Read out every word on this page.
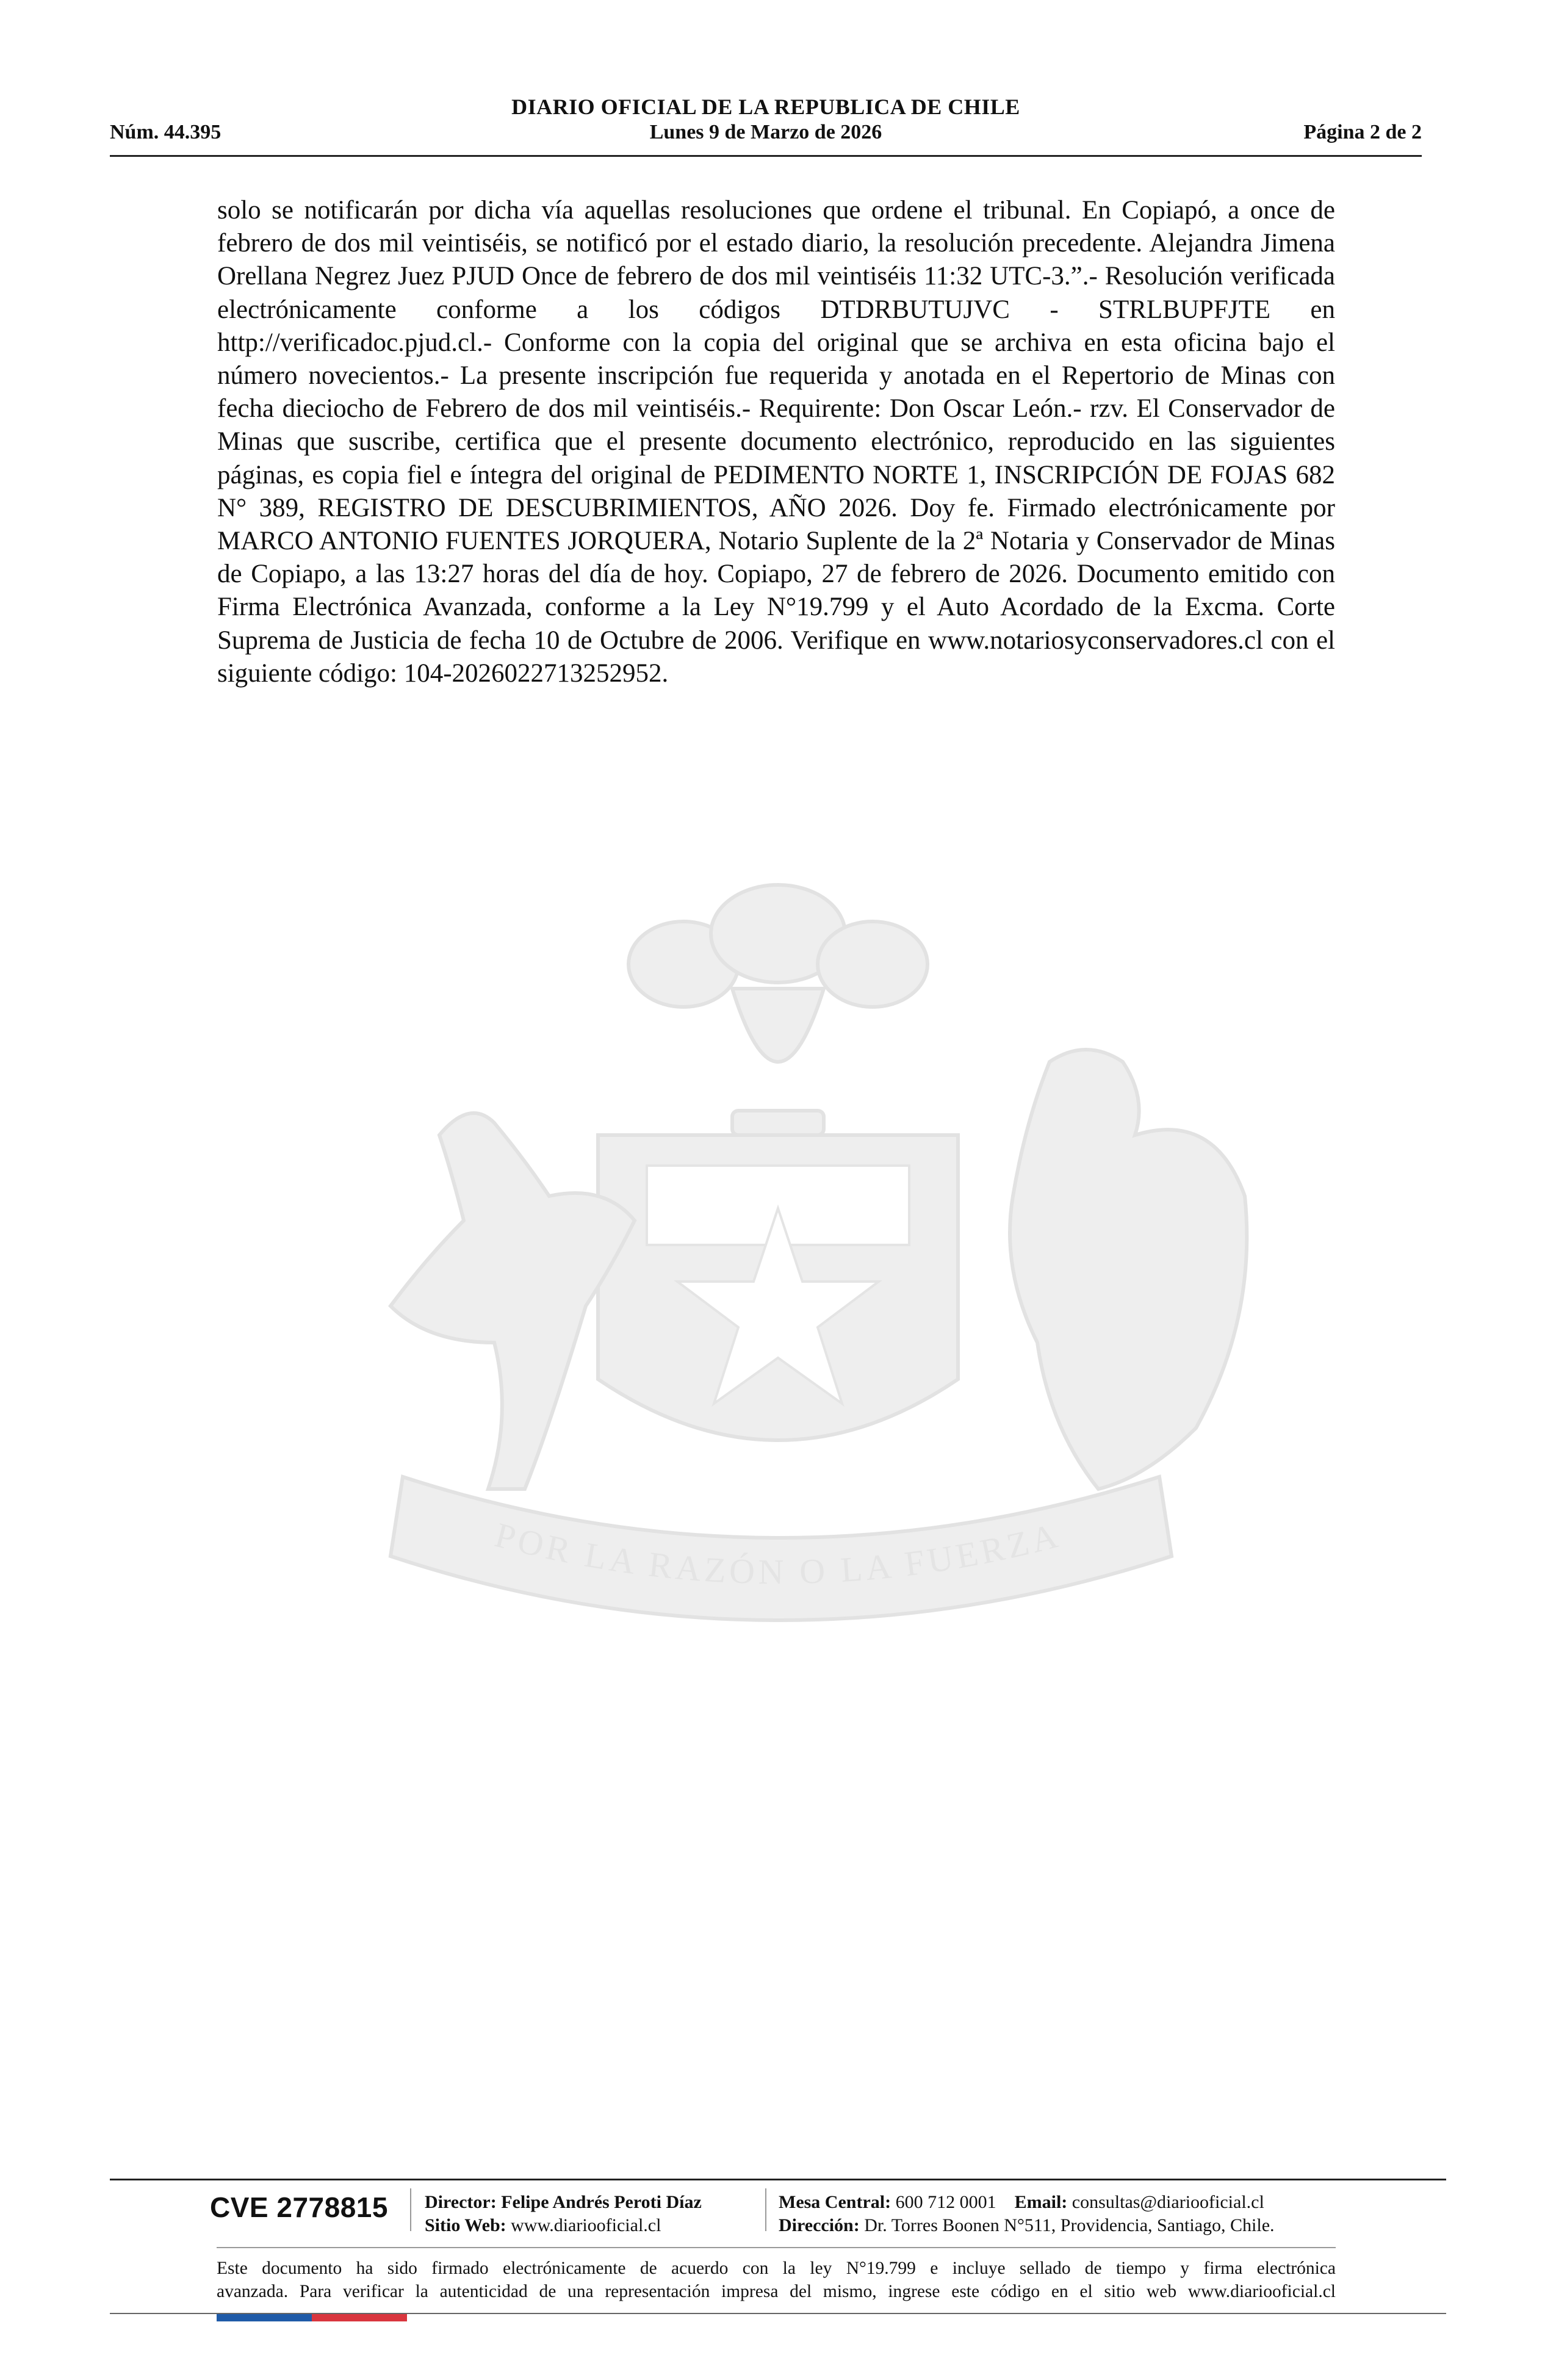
DIARIO OFICIAL DE LA REPUBLICA DE CHILE
Núm. 44.395	Lunes 9 de Marzo de 2026	Página 2 de 2

solo se notificarán por dicha vía aquellas resoluciones que ordene el tribunal. En Copiapó, a once de febrero de dos mil veintiséis, se notificó por el estado diario, la resolución precedente. Alejandra Jimena Orellana Negrez Juez PJUD Once de febrero de dos mil veintiséis 11:32 UTC-3.”.- Resolución verificada electrónicamente conforme a los códigos DTDRBUTUJVC - STRLBUPFJTE en http://verificadoc.pjud.cl.- Conforme con la copia del original que se archiva en esta oficina bajo el número novecientos.- La presente inscripción fue requerida y anotada en el Repertorio de Minas con fecha dieciocho de Febrero de dos mil veintiséis.- Requirente: Don Oscar León.- rzv. El Conservador de Minas que suscribe, certifica que el presente documento electrónico, reproducido en las siguientes páginas, es copia fiel e íntegra del original de PEDIMENTO NORTE 1, INSCRIPCIÓN DE FOJAS 682 N° 389, REGISTRO DE DESCUBRIMIENTOS, AÑO 2026. Doy fe. Firmado electrónicamente por MARCO ANTONIO FUENTES JORQUERA, Notario Suplente de la 2ª Notaria y Conservador de Minas de Copiapo, a las 13:27 horas del día de hoy. Copiapo, 27 de febrero de 2026. Documento emitido con Firma Electrónica Avanzada, conforme a la Ley N°19.799 y el Auto Acordado de la Excma. Corte Suprema de Justicia de fecha 10 de Octubre de 2006. Verifique en www.notariosyconservadores.cl con el siguiente código: 104-2026022713252952.

POR LA RAZÓN O LA FUERZA
CVE 2778815 Director: Felipe Andrés Peroti Díaz
Sitio Web: www.diariooficial.cl
Mesa Central: 600 712 0001 Email: consultas@diariooficial.cl
Dirección: Dr. Torres Boonen N°511, Providencia, Santiago, Chile.
Este documento ha sido firmado electrónicamente de acuerdo con la ley N°19.799 e incluye sellado de tiempo y firma electrónica
avanzada. Para verificar la autenticidad de una representación impresa del mismo, ingrese este código en el sitio web www.diariooficial.cl
